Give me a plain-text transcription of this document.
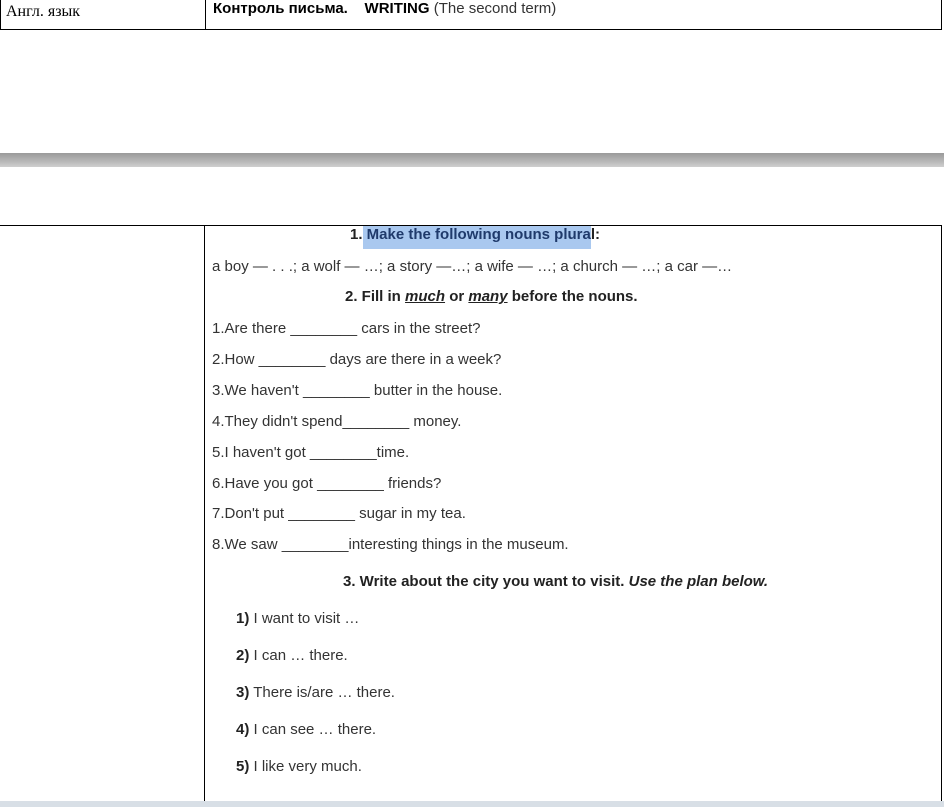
Англ. язык	Контроль письма. WRITING (The second term)
1. Make the following nouns plural:
a boy — . . .; a wolf — …; a story —…; a wife — …; a church — …; a car —…
2. Fill in much or many before the nouns.
1.Are there ________ cars in the street?
2.How ________ days are there in a week?
3.We haven't ________ butter in the house.
4.They didn't spend________ money.
5.I haven't got ________time.
6.Have you got ________ friends?
7.Don't put ________ sugar in my tea.
8.We saw ________interesting things in the museum.
3. Write about the city you want to visit. Use the plan below.
1) I want to visit …
2) I can … there.
3) There is/are … there.
4) I can see … there.
5) I like very much.
